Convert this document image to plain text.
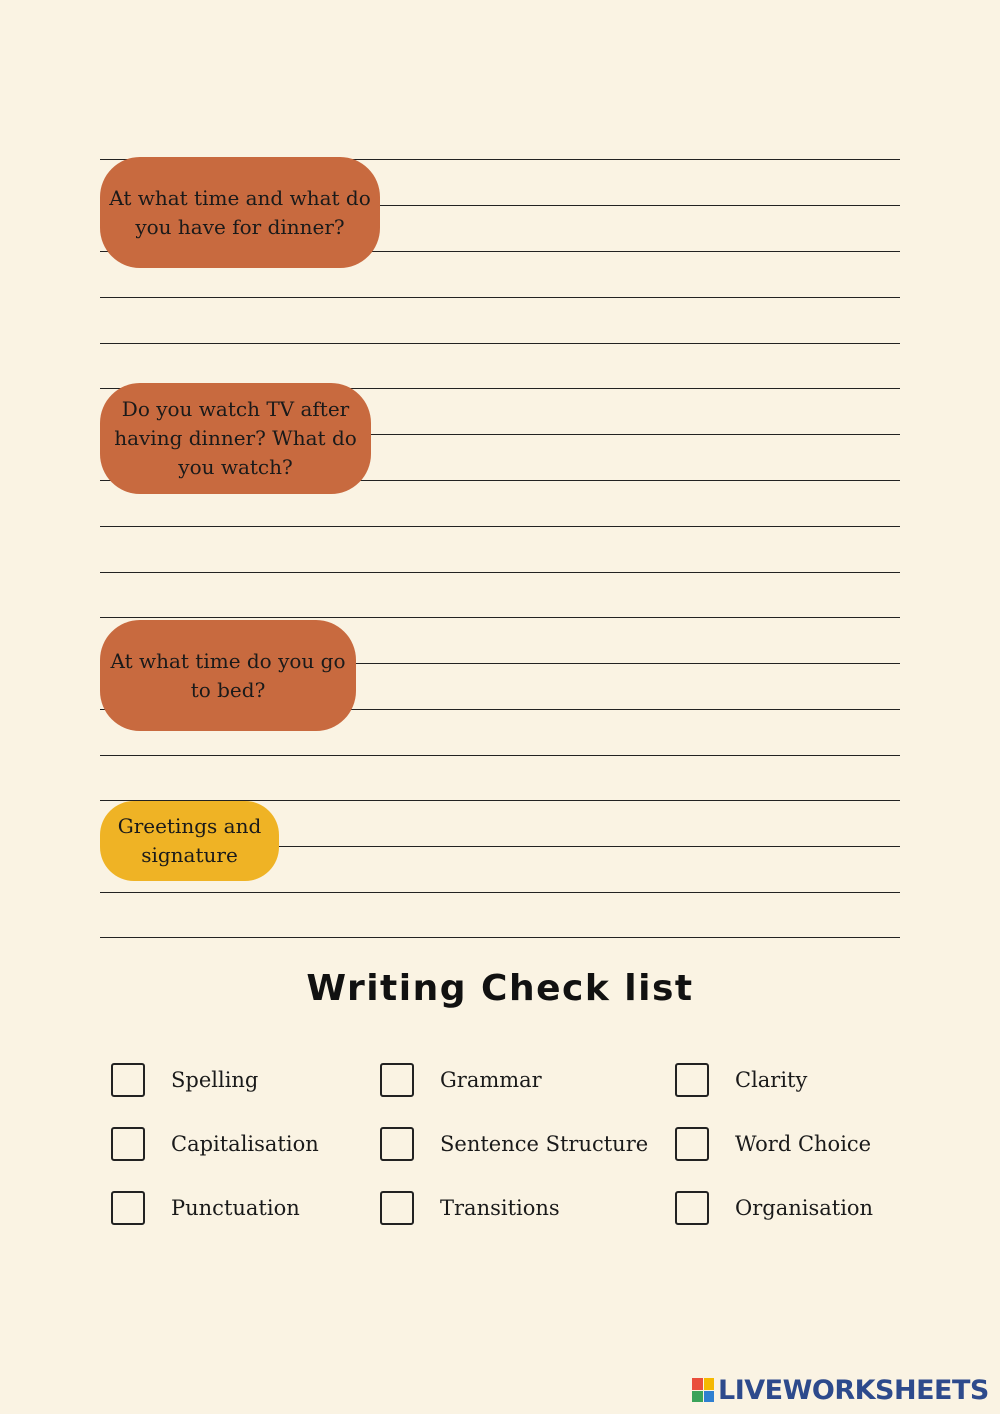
At what time and what do you have for dinner?
Do you watch TV after having dinner? What do you watch?
At what time do you go to bed?
Greetings and signature
Writing Check list
Spelling	Grammar	Clarity
Capitalisation	Sentence Structure	Word Choice
Punctuation	Transitions	Organisation
LIVEWORKSHEETS
